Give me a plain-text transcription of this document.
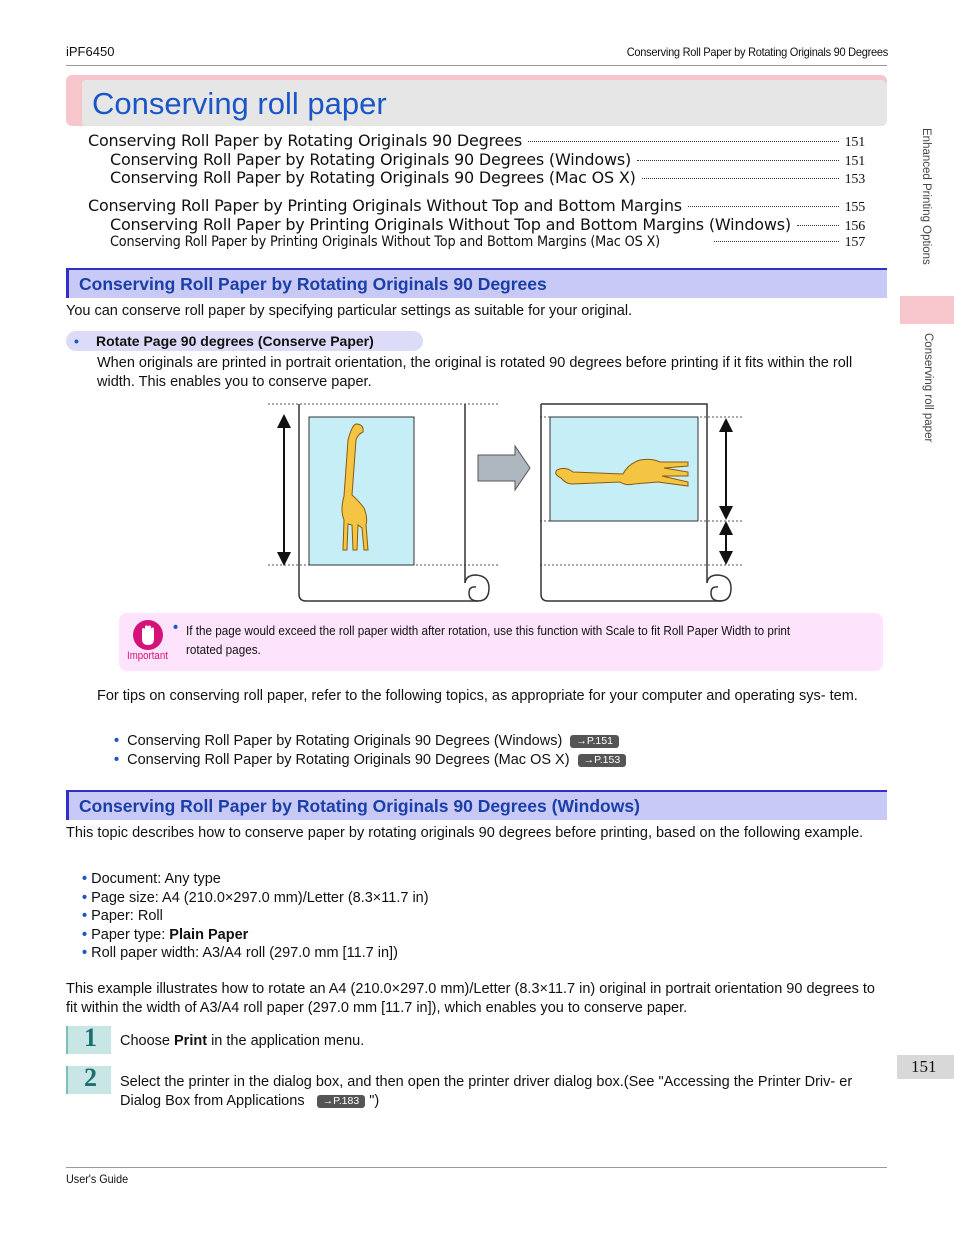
iPF6450	Conserving Roll Paper by Rotating Originals 90 Degrees
Conserving roll paper
Conserving Roll Paper by Rotating Originals 90 Degrees	151
Conserving Roll Paper by Rotating Originals 90 Degrees (Windows)	151
Conserving Roll Paper by Rotating Originals 90 Degrees (Mac OS X)	153
Conserving Roll Paper by Printing Originals Without Top and Bottom Margins	155
Conserving Roll Paper by Printing Originals Without Top and Bottom Margins (Windows)	156
Conserving Roll Paper by Printing Originals Without Top and Bottom Margins (Mac OS X)	157
Conserving Roll Paper by Rotating Originals 90 Degrees
You can conserve roll paper by specifying particular settings as suitable for your original.
• Rotate Page 90 degrees (Conserve Paper)
When originals are printed in portrait orientation, the original is rotated 90 degrees before printing if it fits within the roll width. This enables you to conserve paper.
Important
• If the page would exceed the roll paper width after rotation, use this function with Scale to fit Roll Paper Width to print rotated pages.
For tips on conserving roll paper, refer to the following topics, as appropriate for your computer and operating sys- tem.
• Conserving Roll Paper by Rotating Originals 90 Degrees (Windows) →P.151
• Conserving Roll Paper by Rotating Originals 90 Degrees (Mac OS X) →P.153
Conserving Roll Paper by Rotating Originals 90 Degrees (Windows)
This topic describes how to conserve paper by rotating originals 90 degrees before printing, based on the following example.
• Document: Any type
• Page size: A4 (210.0×297.0 mm)/Letter (8.3×11.7 in)
• Paper: Roll
• Paper type: Plain Paper
• Roll paper width: A3/A4 roll (297.0 mm [11.7 in])
This example illustrates how to rotate an A4 (210.0×297.0 mm)/Letter (8.3×11.7 in) original in portrait orientation 90 degrees to fit within the width of A3/A4 roll paper (297.0 mm [11.7 in]), which enables you to conserve paper.
1 Choose Print in the application menu.
2 Select the printer in the dialog box, and then open the printer driver dialog box.(See "Accessing the Printer Driv- er Dialog Box from Applications →P.183 ")
Enhanced Printing Options
Conserving roll paper
151
User's Guide
